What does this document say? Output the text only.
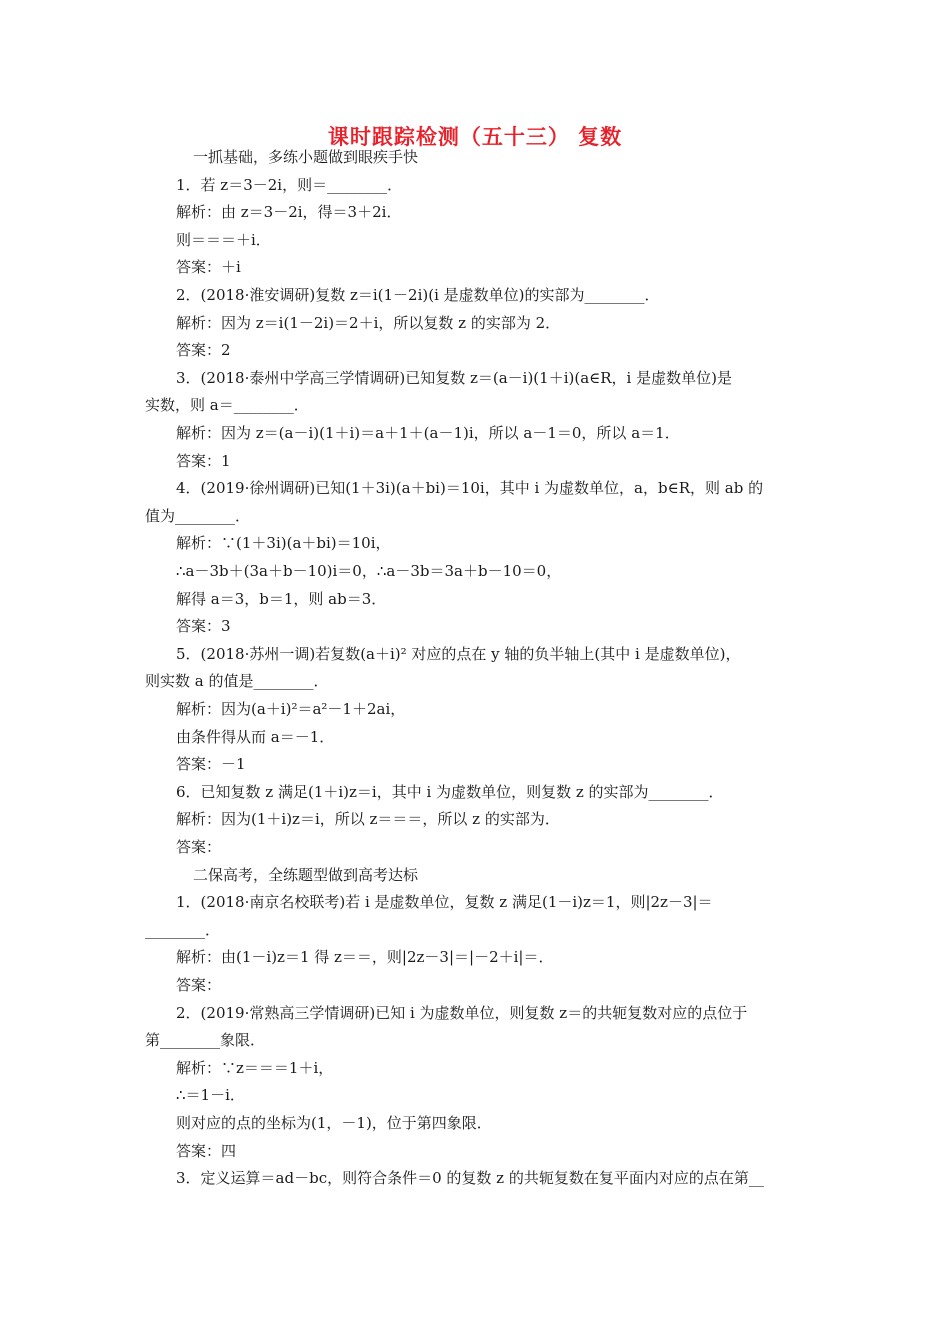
课时跟踪检测（五十三） 复数
一抓基础，多练小题做到眼疾手快
1．若 z＝3－2i，则＝________．
解析：由 z＝3－2i，得＝3＋2i．
则＝＝＝＋i．
答案：＋i
2．(2018·淮安调研)复数 z＝i(1－2i)(i 是虚数单位)的实部为________．
解析：因为 z＝i(1－2i)＝2＋i，所以复数 z 的实部为 2．
答案：2
3．(2018·泰州中学高三学情调研)已知复数 z＝(a－i)(1＋i)(a∈R，i 是虚数单位)是
实数，则 a＝________．
解析：因为 z＝(a－i)(1＋i)＝a＋1＋(a－1)i，所以 a－1＝0，所以 a＝1．
答案：1
4．(2019·徐州调研)已知(1＋3i)(a＋bi)＝10i，其中 i 为虚数单位，a，b∈R，则 ab 的
值为________．
解析：∵(1＋3i)(a＋bi)＝10i，
∴a－3b＋(3a＋b－10)i＝0，∴a－3b＝3a＋b－10＝0，
解得 a＝3，b＝1，则 ab＝3．
答案：3
5．(2018·苏州一调)若复数(a＋i)² 对应的点在 y 轴的负半轴上(其中 i 是虚数单位)，
则实数 a 的值是________．
解析：因为(a＋i)²＝a²－1＋2ai，
由条件得从而 a＝－1．
答案：－1
6．已知复数 z 满足(1＋i)z＝i，其中 i 为虚数单位，则复数 z 的实部为________．
解析：因为(1＋i)z＝i，所以 z＝＝＝，所以 z 的实部为．
答案：
二保高考，全练题型做到高考达标
1．(2018·南京名校联考)若 i 是虚数单位，复数 z 满足(1－i)z＝1，则|2z－3|＝
________．
解析：由(1－i)z＝1 得 z＝＝，则|2z－3|＝|－2＋i|＝．
答案：
2．(2019·常熟高三学情调研)已知 i 为虚数单位，则复数 z＝的共轭复数对应的点位于
第________象限．
解析：∵z＝＝＝1＋i，
∴＝1－i．
则对应的点的坐标为(1，－1)，位于第四象限．
答案：四
3．定义运算＝ad－bc，则符合条件＝0 的复数 z 的共轭复数在复平面内对应的点在第__
